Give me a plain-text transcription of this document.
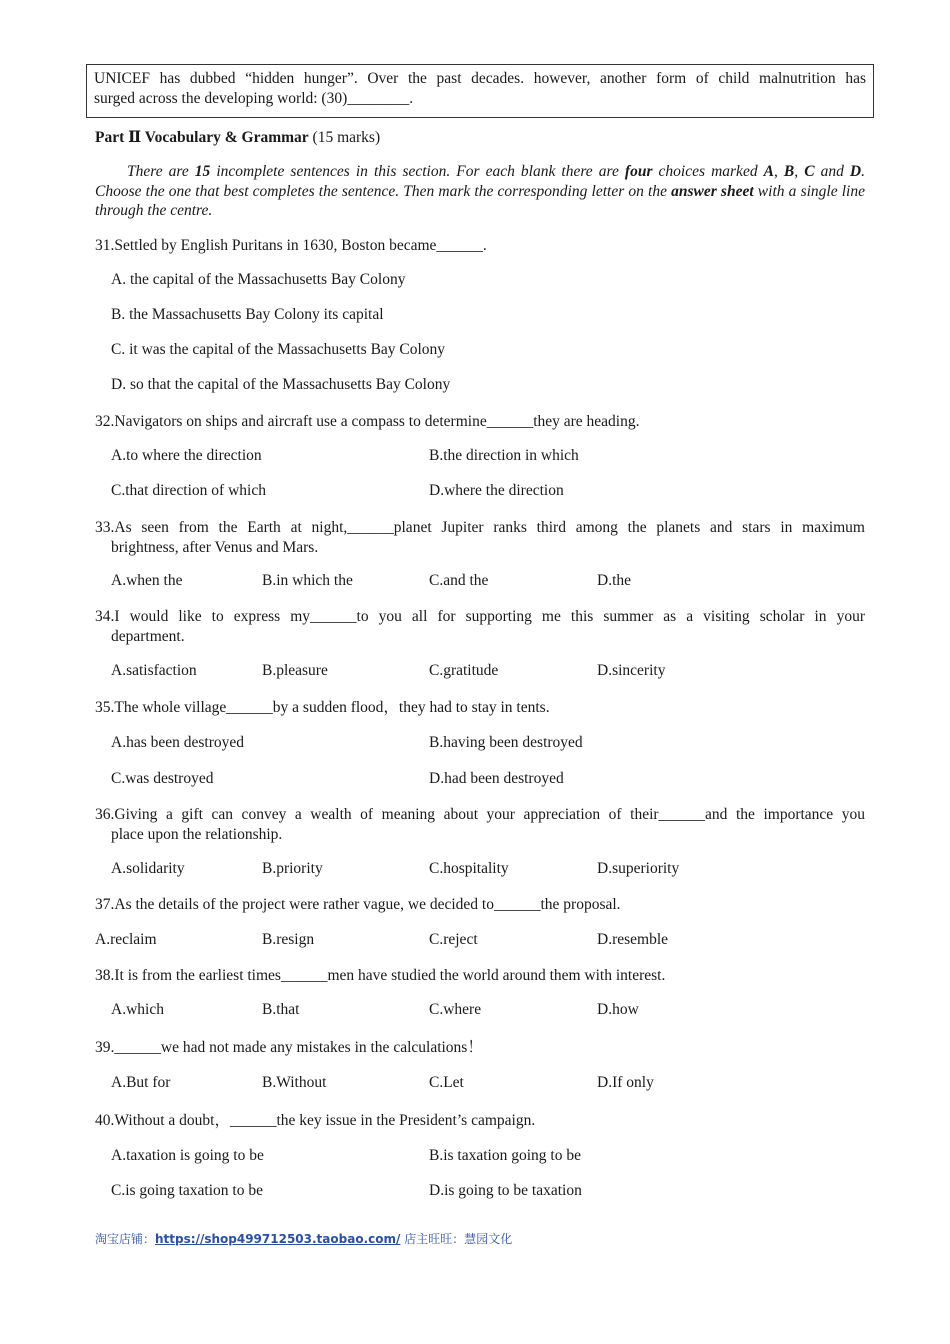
UNICEF has dubbed “hidden hunger”. Over the past decades. however, another form of child malnutrition has
surged across the developing world: (30)________.
Part Ⅱ Vocabulary & Grammar (15 marks)
There are 15 incomplete sentences in this section. For each blank there are four choices marked A, B, C and D. Choose the one that best completes the sentence. Then mark the corresponding letter on the answer sheet with a single line through the centre.
31.Settled by English Puritans in 1630, Boston became______.
A. the capital of the Massachusetts Bay Colony
B. the Massachusetts Bay Colony its capital
C. it was the capital of the Massachusetts Bay Colony
D. so that the capital of the Massachusetts Bay Colony
32.Navigators on ships and aircraft use a compass to determine______they are heading.
A.to where the direction	B.the direction in which
C.that direction of which	D.where the direction
33.As seen from the Earth at night,______planet Jupiter ranks third among the planets and stars in maximum
brightness, after Venus and Mars.
A.when the	B.in which the	C.and the	D.the
34.I would like to express my______to you all for supporting me this summer as a visiting scholar in your
department.
A.satisfaction	B.pleasure	C.gratitude	D.sincerity
35.The whole village______by a sudden flood，they had to stay in tents.
A.has been destroyed	B.having been destroyed
C.was destroyed	D.had been destroyed
36.Giving a gift can convey a wealth of meaning about your appreciation of their______and the importance you
place upon the relationship.
A.solidarity	B.priority	C.hospitality	D.superiority
37.As the details of the project were rather vague, we decided to______the proposal.
A.reclaim	B.resign	C.reject	D.resemble
38.It is from the earliest times______men have studied the world around them with interest.
A.which	B.that	C.where	D.how
39.______we had not made any mistakes in the calculations！
A.But for	B.Without	C.Let	D.If only
40.Without a doubt，______the key issue in the President’s campaign.
A.taxation is going to be	B.is taxation going to be
C.is going taxation to be	D.is going to be taxation
淘宝店铺：https://shop499712503.taobao.com/ 店主旺旺：慧园文化
